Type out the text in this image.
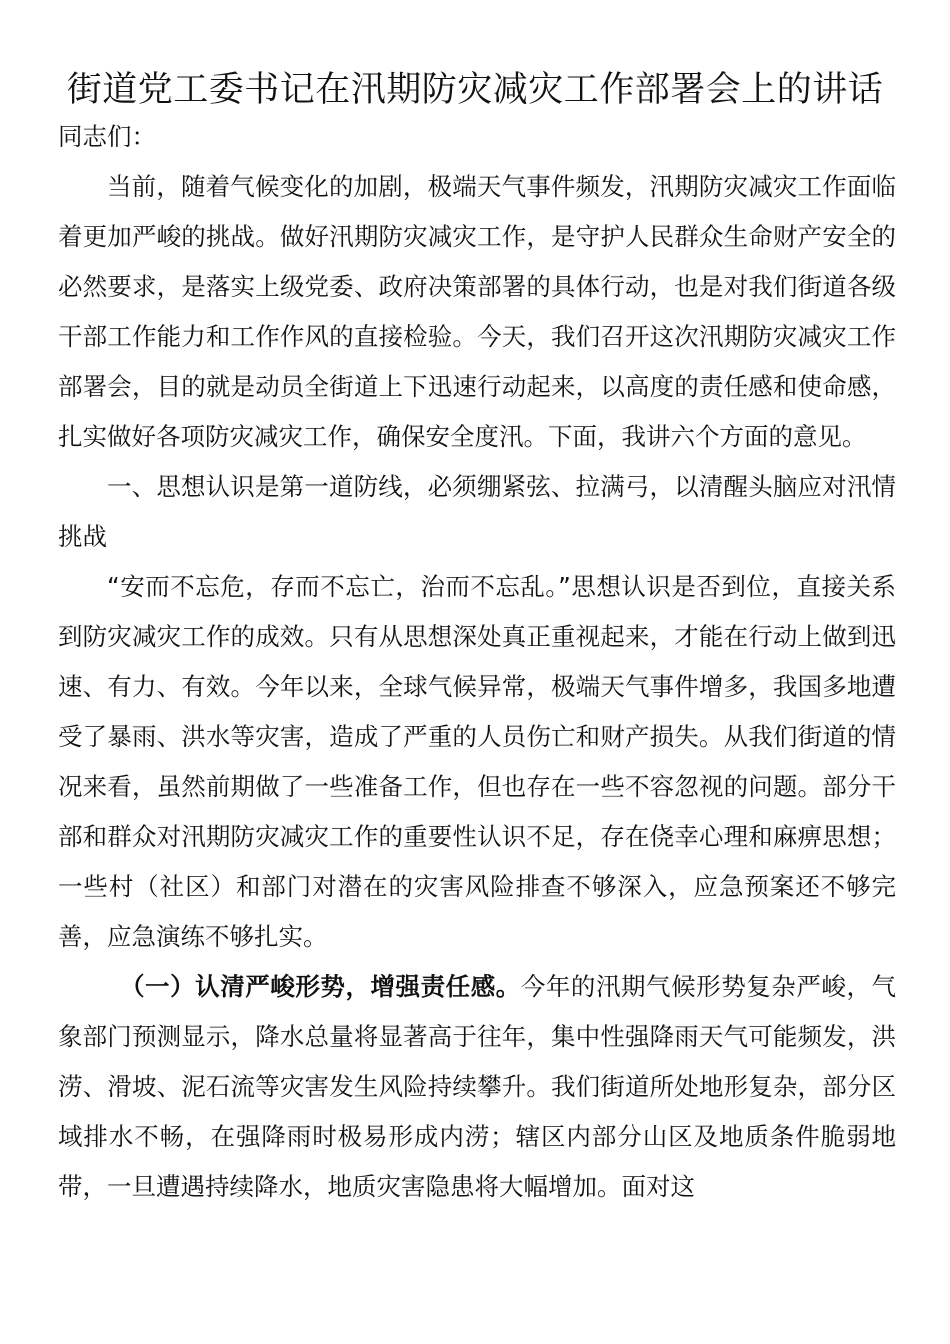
街道党工委书记在汛期防灾减灾工作部署会上的讲话

同志们：

当前，随着气候变化的加剧，极端天气事件频发，汛期防灾减灾工作面临着更加严峻的挑战。做好汛期防灾减灾工作，是守护人民群众生命财产安全的必然要求，是落实上级党委、政府决策部署的具体行动，也是对我们街道各级干部工作能力和工作作风的直接检验。今天，我们召开这次汛期防灾减灾工作部署会，目的就是动员全街道上下迅速行动起来，以高度的责任感和使命感，扎实做好各项防灾减灾工作，确保安全度汛。下面，我讲六个方面的意见。

一、思想认识是第一道防线，必须绷紧弦、拉满弓，以清醒头脑应对汛情挑战

“安而不忘危，存而不忘亡，治而不忘乱。”思想认识是否到位，直接关系到防灾减灾工作的成效。只有从思想深处真正重视起来，才能在行动上做到迅速、有力、有效。今年以来，全球气候异常，极端天气事件增多，我国多地遭受了暴雨、洪水等灾害，造成了严重的人员伤亡和财产损失。从我们街道的情况来看，虽然前期做了一些准备工作，但也存在一些不容忽视的问题。部分干部和群众对汛期防灾减灾工作的重要性认识不足，存在侥幸心理和麻痹思想；一些村（社区）和部门对潜在的灾害风险排查不够深入，应急预案还不够完善，应急演练不够扎实。

（一）认清严峻形势，增强责任感。今年的汛期气候形势复杂严峻，气象部门预测显示，降水总量将显著高于往年，集中性强降雨天气可能频发，洪涝、滑坡、泥石流等灾害发生风险持续攀升。我们街道所处地形复杂，部分区域排水不畅，在强降雨时极易形成内涝；辖区内部分山区及地质条件脆弱地带，一旦遭遇持续降水，地质灾害隐患将大幅增加。面对这
